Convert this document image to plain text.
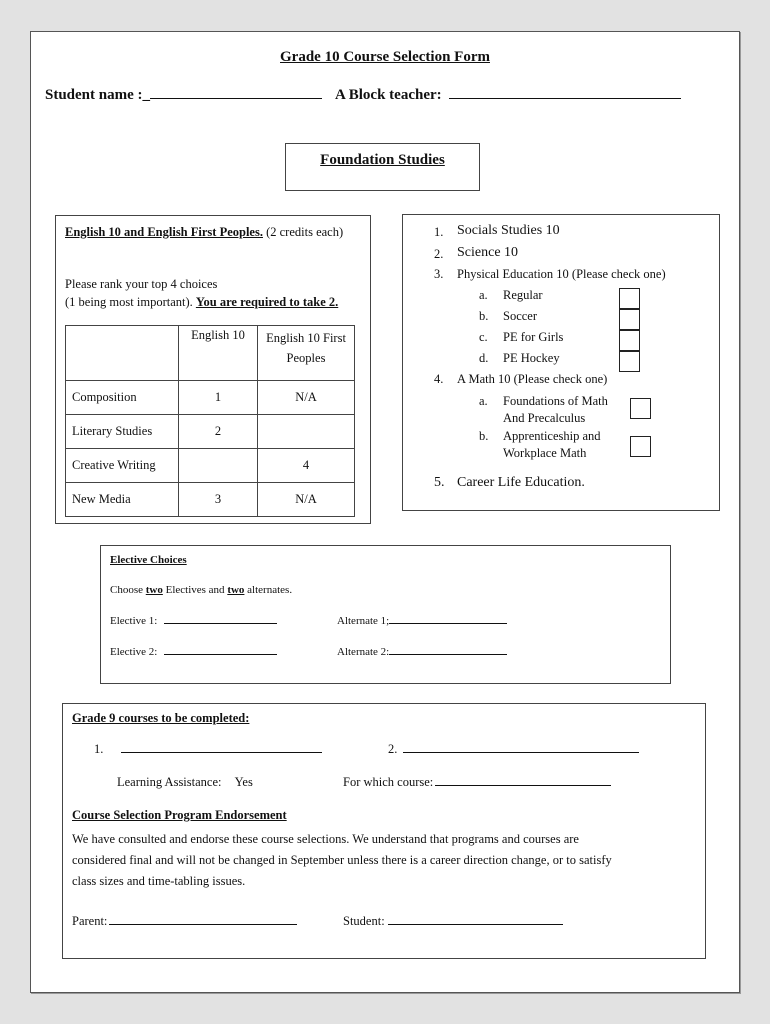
Grade 10 Course Selection Form
Student name :_	A Block teacher:
Foundation Studies
English 10 and English First Peoples. (2 credits each)
Please rank your top 4 choices
(1 being most important). You are required to take 2.
	English 10	English 10 First Peoples
Composition	1	N/A
Literary Studies	2	
Creative Writing		4
New Media	3	N/A
1. Socials Studies 10
2. Science 10
3.	Physical Education 10 (Please check one)
a. Regular
b. Soccer
c. PE for Girls
d. PE Hockey
4.	A Math 10 (Please check one)
a. Foundations of Math
And Precalculus
b. Apprenticeship and
Workplace Math
5. Career Life Education.
Elective Choices
Choose two Electives and two alternates.
Elective 1:	Alternate 1;
Elective 2:	Alternate 2:
Grade 9 courses to be completed:
1.	2.
Learning Assistance: Yes	For which course:
Course Selection Program Endorsement
We have consulted and endorse these course selections. We understand that programs and courses are
considered final and will not be changed in September unless there is a career direction change, or to satisfy
class sizes and time-tabling issues.
Parent:	Student:
